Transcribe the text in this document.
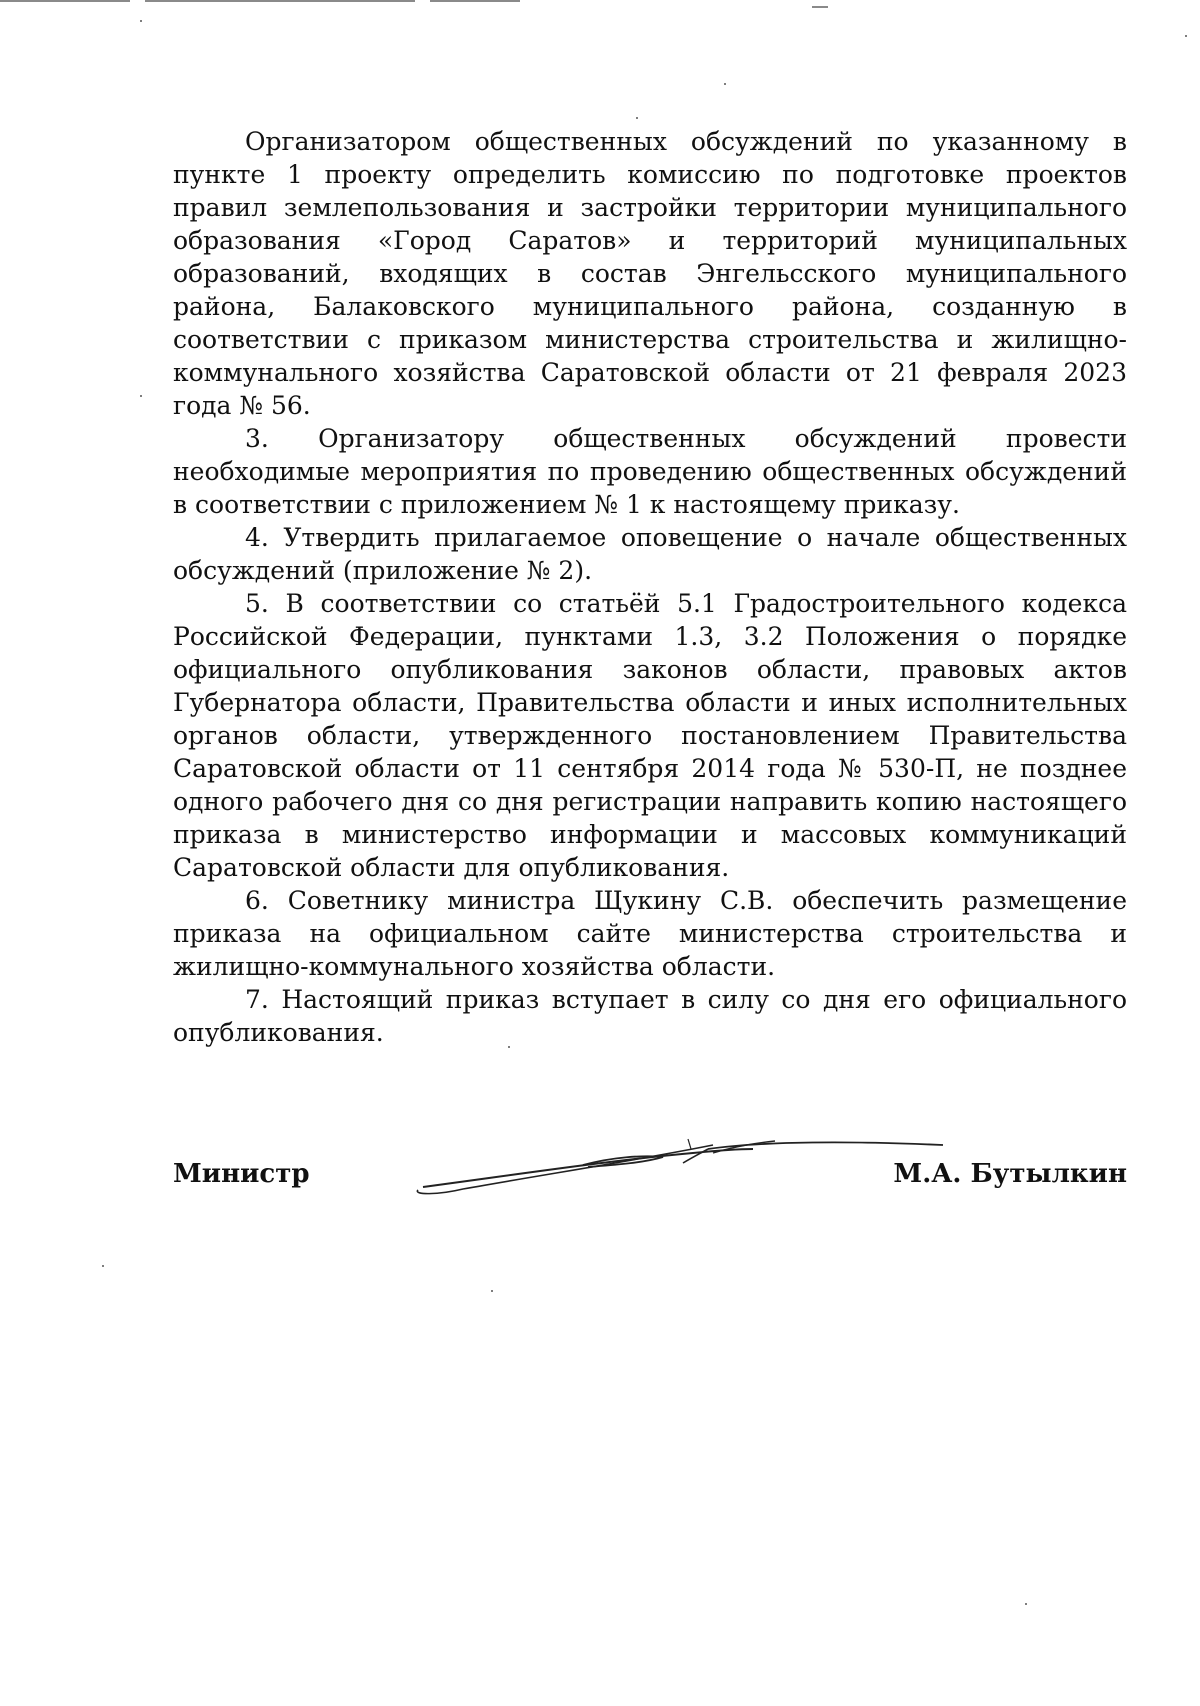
Организатором общественных обсуждений по указанному в пункте 1 проекту определить комиссию по подготовке проектов правил землепользования и застройки территории муниципального образования «Город Саратов» и территорий муниципальных образований, входящих в состав Энгельсского муниципального района, Балаковского муниципального района, созданную в соответствии с приказом министерства строительства и жилищно-коммунального хозяйства Саратовской области от 21 февраля 2023 года № 56.

3. Организатору общественных обсуждений провести необходимые мероприятия по проведению общественных обсуждений в соответствии с приложением № 1 к настоящему приказу.

4. Утвердить прилагаемое оповещение о начале общественных обсуждений (приложение № 2).

5. В соответствии со статьёй 5.1 Градостроительного кодекса Российской Федерации, пунктами 1.3, 3.2 Положения о порядке официального опубликования законов области, правовых актов Губернатора области, Правительства области и иных исполнительных органов области, утвержденного постановлением Правительства Саратовской области от 11 сентября 2014 года № 530-П, не позднее одного рабочего дня со дня регистрации направить копию настоящего приказа в министерство информации и массовых коммуникаций Саратовской области для опубликования.

6. Советнику министра Щукину С.В. обеспечить размещение приказа на официальном сайте министерства строительства и жилищно-коммунального хозяйства области.

7. Настоящий приказ вступает в силу со дня его официального опубликования.

Министр	М.А. Бутылкин
